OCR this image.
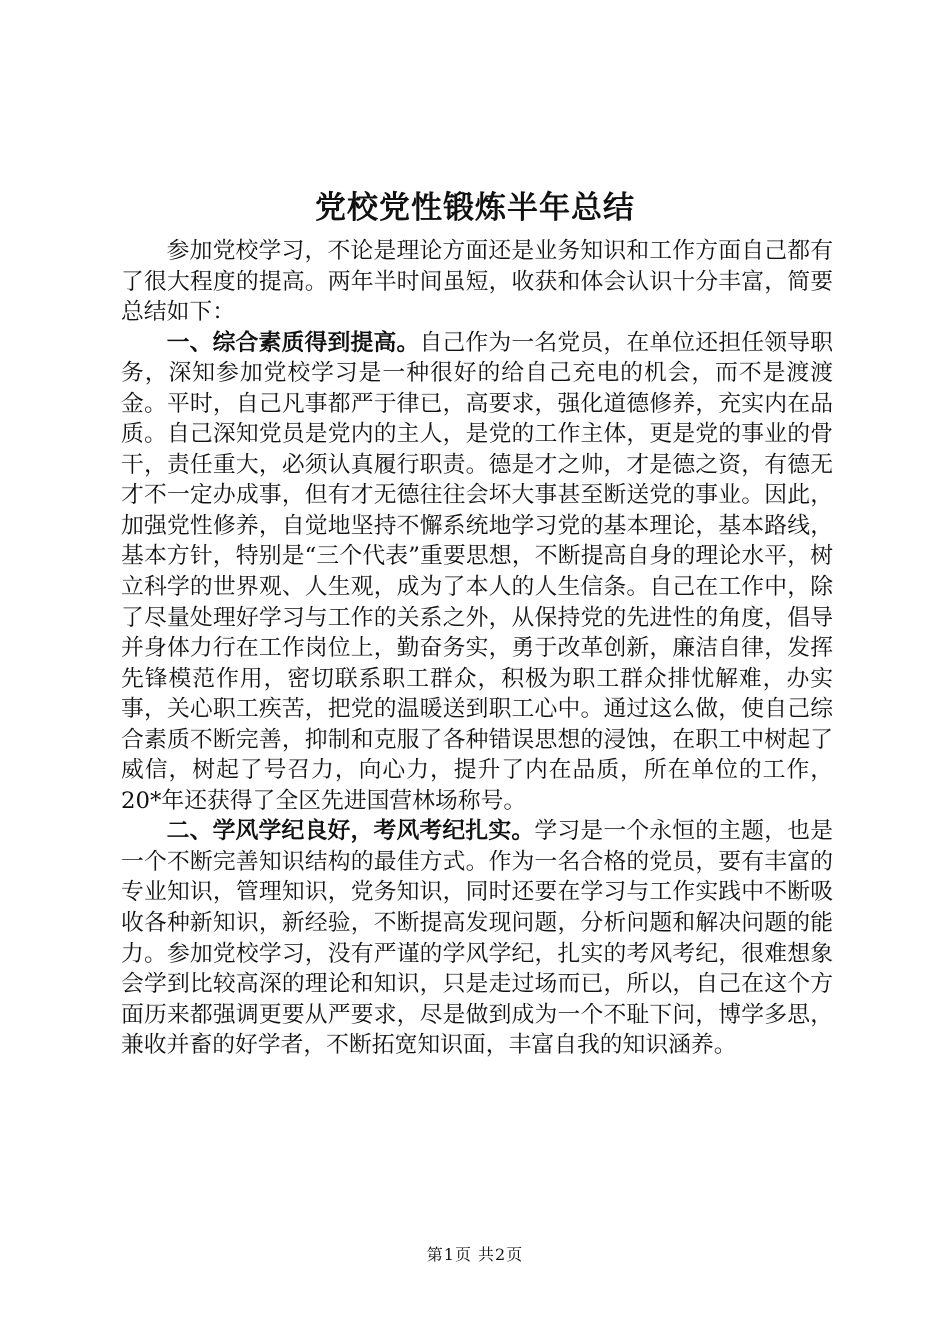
党校党性锻炼半年总结

参加党校学习，不论是理论方面还是业务知识和工作方面自己都有了很大程度的提高。两年半时间虽短，收获和体会认识十分丰富，简要总结如下：

一、综合素质得到提高。自己作为一名党员，在单位还担任领导职务，深知参加党校学习是一种很好的给自己充电的机会，而不是渡渡金。平时，自己凡事都严于律已，高要求，强化道德修养，充实内在品质。自己深知党员是党内的主人，是党的工作主体，更是党的事业的骨干，责任重大，必须认真履行职责。德是才之帅，才是德之资，有德无才不一定办成事，但有才无德往往会坏大事甚至断送党的事业。因此，加强党性修养，自觉地坚持不懈系统地学习党的基本理论，基本路线，基本方针，特别是“三个代表”重要思想，不断提高自身的理论水平，树立科学的世界观、人生观，成为了本人的人生信条。自己在工作中，除了尽量处理好学习与工作的关系之外，从保持党的先进性的角度，倡导并身体力行在工作岗位上，勤奋务实，勇于改革创新，廉洁自律，发挥先锋模范作用，密切联系职工群众，积极为职工群众排忧解难，办实事，关心职工疾苦，把党的温暖送到职工心中。通过这么做，使自己综合素质不断完善，抑制和克服了各种错误思想的浸蚀，在职工中树起了威信，树起了号召力，向心力，提升了内在品质，所在单位的工作，20*年还获得了全区先进国营林场称号。

二、学风学纪良好，考风考纪扎实。学习是一个永恒的主题，也是一个不断完善知识结构的最佳方式。作为一名合格的党员，要有丰富的专业知识，管理知识，党务知识，同时还要在学习与工作实践中不断吸收各种新知识，新经验，不断提高发现问题，分析问题和解决问题的能力。参加党校学习，没有严谨的学风学纪，扎实的考风考纪，很难想象会学到比较高深的理论和知识，只是走过场而已，所以，自己在这个方面历来都强调更要从严要求，尽是做到成为一个不耻下问，博学多思，兼收并畜的好学者，不断拓宽知识面，丰富自我的知识涵养。

第1页 共2页
